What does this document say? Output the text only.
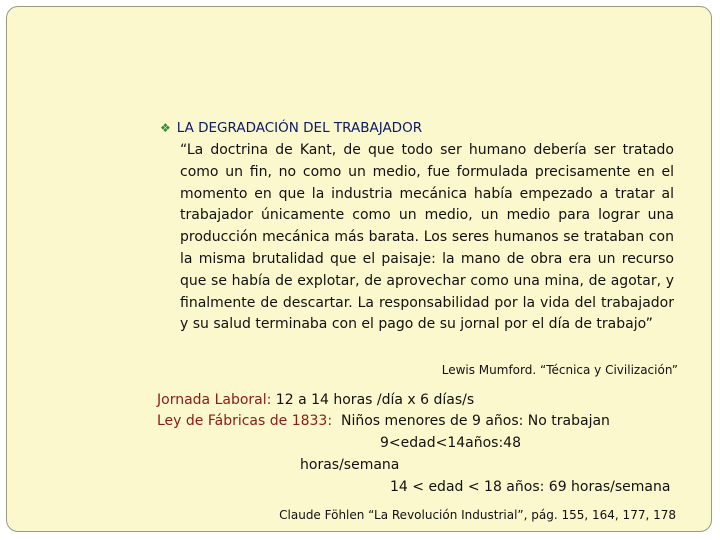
❖ LA DEGRADACIÓN DEL TRABAJADOR
“La doctrina de Kant, de que todo ser humano debería ser tratado como un fin, no como un medio, fue formulada precisamente en el momento en que la industria mecánica había empezado a tratar al trabajador únicamente como un medio, un medio para lograr una producción mecánica más barata. Los seres humanos se trataban con la misma brutalidad que el paisaje: la mano de obra era un recurso que se había de explotar, de aprovechar como una mina, de agotar, y finalmente de descartar. La responsabilidad por la vida del trabajador y su salud terminaba con el pago de su jornal por el día de trabajo”
Lewis Mumford. “Técnica y Civilización”
Jornada Laboral: 12 a 14 horas /día x 6 días/s
Ley de Fábricas de 1833: Niños menores de 9 años: No trabajan
9<edad<14años:48
horas/semana
14 < edad < 18 años: 69 horas/semana
Claude Föhlen “La Revolución Industrial”, pág. 155, 164, 177, 178
